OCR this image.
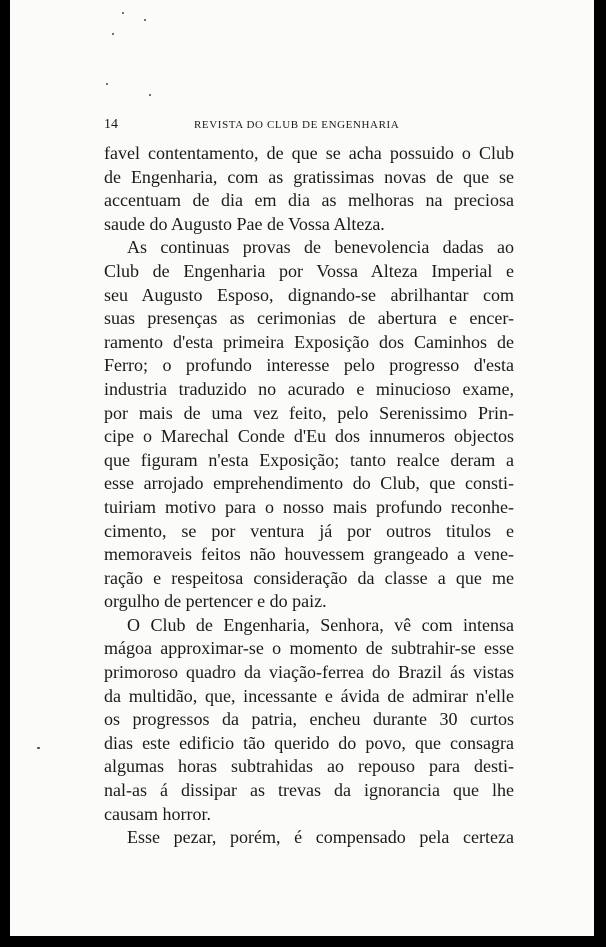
14	REVISTA DO CLUB DE ENGENHARIA
favel contentamento, de que se acha possuido o Club
de Engenharia, com as gratissimas novas de que se
accentuam de dia em dia as melhoras na preciosa
saude do Augusto Pae de Vossa Alteza.
As continuas provas de benevolencia dadas ao
Club de Engenharia por Vossa Alteza Imperial e
seu Augusto Esposo, dignando-se abrilhantar com
suas presenças as cerimonias de abertura e encer-
ramento d'esta primeira Exposição dos Caminhos de
Ferro; o profundo interesse pelo progresso d'esta
industria traduzido no acurado e minucioso exame,
por mais de uma vez feito, pelo Serenissimo Prin-
cipe o Marechal Conde d'Eu dos innumeros objectos
que figuram n'esta Exposição; tanto realce deram a
esse arrojado emprehendimento do Club, que consti-
tuiriam motivo para o nosso mais profundo reconhe-
cimento, se por ventura já por outros titulos e
memoraveis feitos não houvessem grangeado a vene-
ração e respeitosa consideração da classe a que me
orgulho de pertencer e do paiz.
O Club de Engenharia, Senhora, vê com intensa
mágoa approximar-se o momento de subtrahir-se esse
primoroso quadro da viação-ferrea do Brazil ás vistas
da multidão, que, incessante e ávida de admirar n'elle
os progressos da patria, encheu durante 30 curtos
dias este edificio tão querido do povo, que consagra
algumas horas subtrahidas ao repouso para desti-
nal-as á dissipar as trevas da ignorancia que lhe
causam horror.
Esse pezar, porém, é compensado pela certeza
